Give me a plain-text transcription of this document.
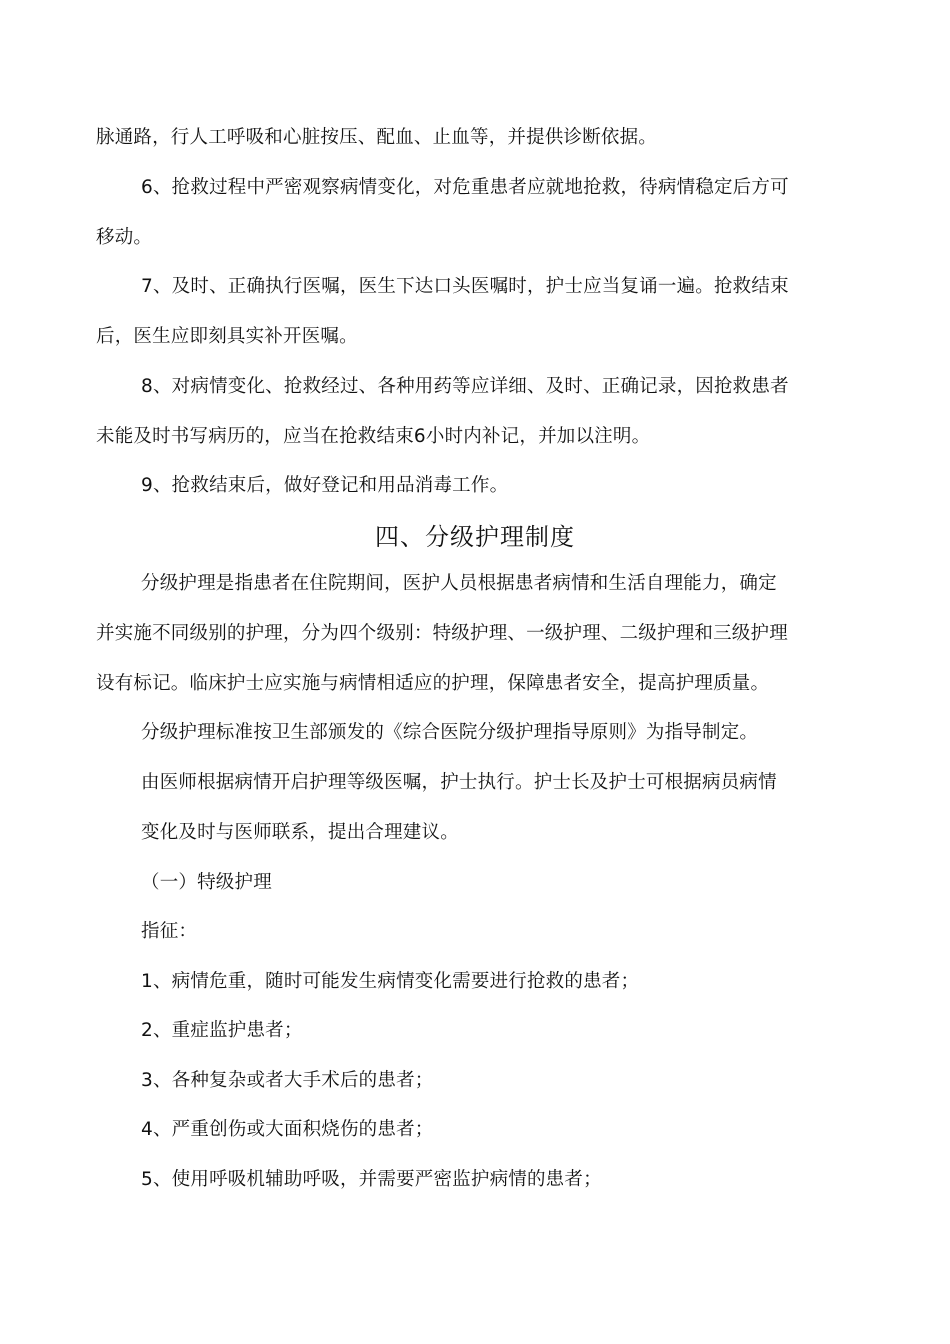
脉通路，行人工呼吸和心脏按压、配血、止血等，并提供诊断依据。
6、抢救过程中严密观察病情变化，对危重患者应就地抢救，待病情稳定后方可
移动。
7、及时、正确执行医嘱，医生下达口头医嘱时，护士应当复诵一遍。抢救结束
后，医生应即刻具实补开医嘱。
8、对病情变化、抢救经过、各种用药等应详细、及时、正确记录，因抢救患者
未能及时书写病历的，应当在抢救结束6小时内补记，并加以注明。
9、抢救结束后，做好登记和用品消毒工作。
四、分级护理制度
分级护理是指患者在住院期间，医护人员根据患者病情和生活自理能力，确定
并实施不同级别的护理，分为四个级别：特级护理、一级护理、二级护理和三级护理
设有标记。临床护士应实施与病情相适应的护理，保障患者安全，提高护理质量。
分级护理标准按卫生部颁发的《综合医院分级护理指导原则》为指导制定。
由医师根据病情开启护理等级医嘱，护士执行。护士长及护士可根据病员病情
变化及时与医师联系，提出合理建议。
（一）特级护理
指征：
1、病情危重，随时可能发生病情变化需要进行抢救的患者；
2、重症监护患者；
3、各种复杂或者大手术后的患者；
4、严重创伤或大面积烧伤的患者；
5、使用呼吸机辅助呼吸，并需要严密监护病情的患者；
